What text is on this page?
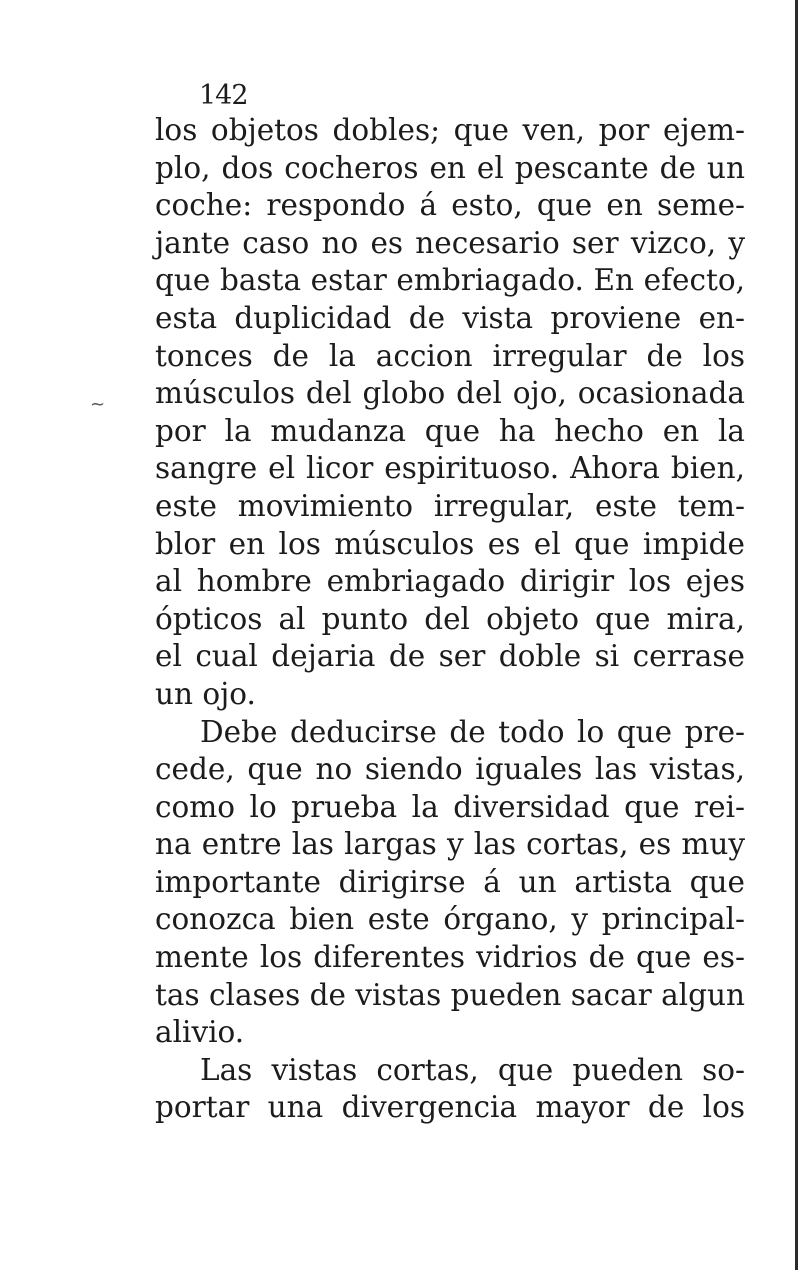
142
~
los objetos dobles; que ven, por ejem-
plo, dos cocheros en el pescante de un
coche: respondo á esto, que en seme-
jante caso no es necesario ser vizco, y
que basta estar embriagado. En efecto,
esta duplicidad de vista proviene en-
tonces de la accion irregular de los
músculos del globo del ojo, ocasionada
por la mudanza que ha hecho en la
sangre el licor espirituoso. Ahora bien,
este movimiento irregular, este tem-
blor en los músculos es el que impide
al hombre embriagado dirigir los ejes
ópticos al punto del objeto que mira,
el cual dejaria de ser doble si cerrase
un ojo.
Debe deducirse de todo lo que pre-
cede, que no siendo iguales las vistas,
como lo prueba la diversidad que rei-
na entre las largas y las cortas, es muy
importante dirigirse á un artista que
conozca bien este órgano, y principal-
mente los diferentes vidrios de que es-
tas clases de vistas pueden sacar algun
alivio.
Las vistas cortas, que pueden so-
portar una divergencia mayor de los
